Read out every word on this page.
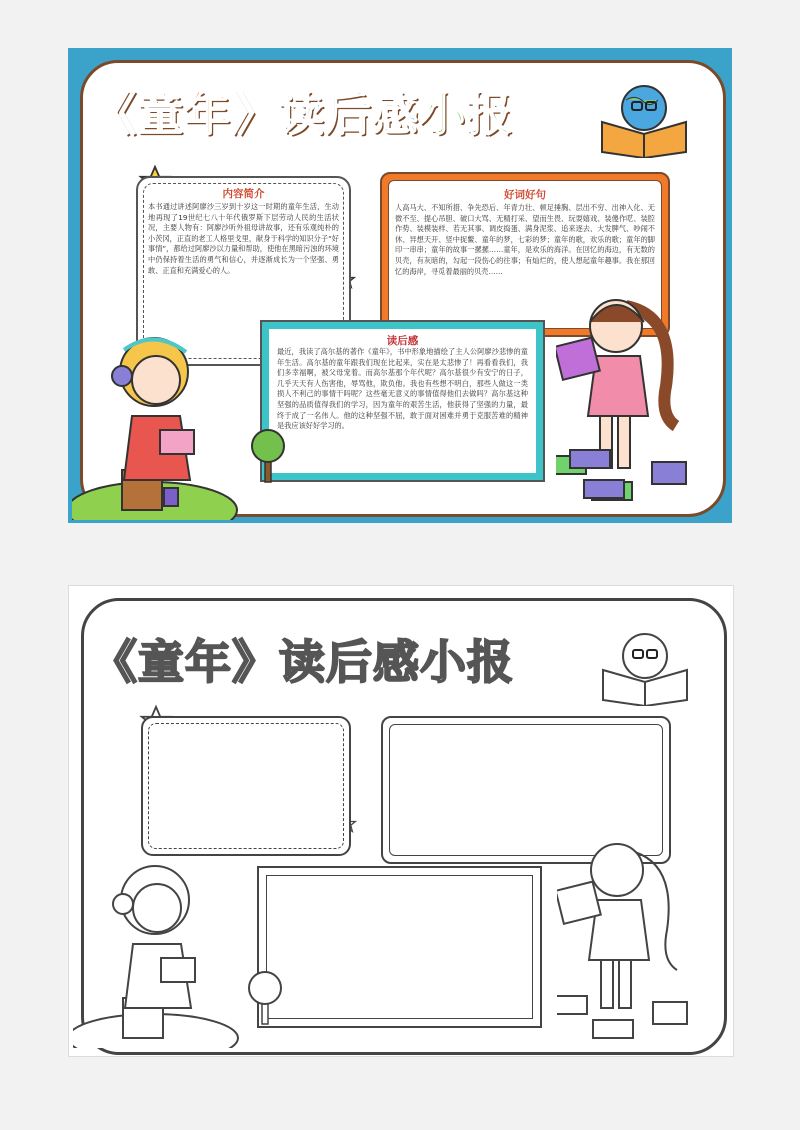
《童年》读后感小报
内容简介
本书通过讲述阿廖沙三岁到十岁这一时期的童年生活，生动地再现了19世纪七八十年代俄罗斯下层劳动人民的生活状况，主要人物有：阿廖沙听外祖母讲故事，还有乐观纯朴的小茨冈，正直的老工人格里戈里，献身于科学的知识分子“好事情”，都给过阿廖沙以力量和帮助，使他在黑暗污浊的环境中仍保持着生活的勇气和信心，并逐渐成长为一个坚强、勇敢、正直和充满爱心的人。
好词好句
人高马大、不知所措、争先恐后、年青力壮、顿足捶胸、层出不穷、出神入化、无微不至、提心吊胆、破口大骂、无精打采、望而生畏、玩耍嬉戏、装傻作呓、装腔作势、装模装样、若无其事、调皮捣蛋、满身泥浆、追来逐去、大发脾气、吵闹不休、异想天开、竖中捉鳖、童年的梦，七彩的梦；童年的歌，欢乐的歌；童年的脚印一串串；童年的故事一摞摞……童年，是欢乐的海洋。在回忆的海边，有无数的贝壳，有灰暗的，勾起一段伤心的往事；有灿烂的，使人想起童年趣事。我在那回忆的海岸，寻觅着最丽的贝壳……
读后感
最近，我读了高尔基的著作《童年》，书中形象地描绘了主人公阿廖沙悲惨的童年生活。高尔基的童年跟我们现在比起来，实在是太悲惨了！再看看我们，我们多幸福啊，被父母宠着。而高尔基那个年代呢？高尔基很少有安宁的日子，几乎天天有人伤害他，辱骂他，欺负他。我也有些想不明白，那些人做这一类损人不利己的事情干吗呢？这些毫无意义的事情值得他们去做吗？高尔基这种坚强的品质值得我们的学习，因为童年的艰苦生活，他获得了坚强的力量，最终于成了一名伟人。他的这种坚强不屈，敢于面对困难并勇于克服苦难的精神是我应该好好学习的。
《童年》读后感小报
